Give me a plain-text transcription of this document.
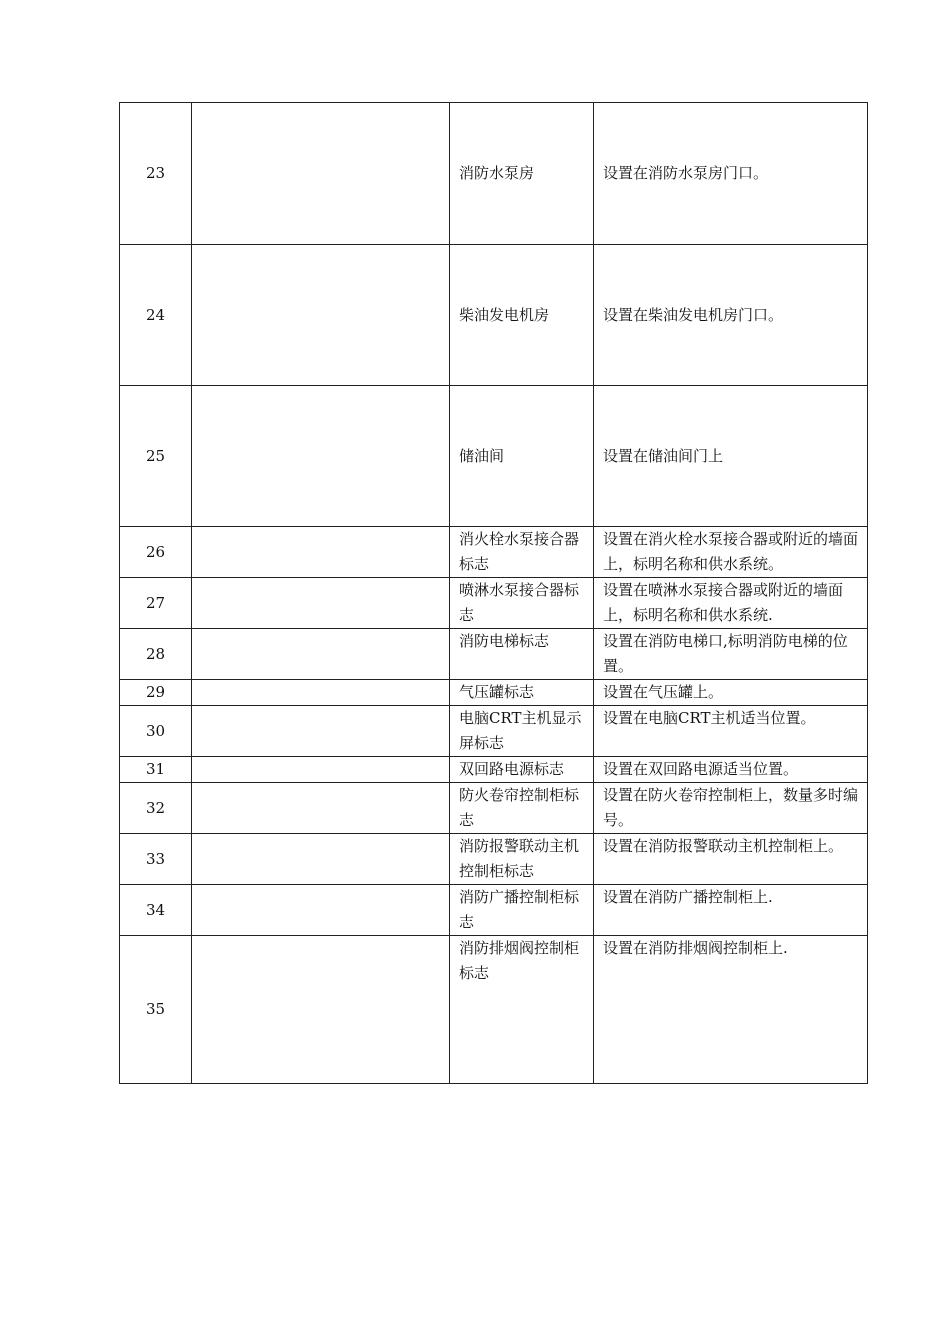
23		消防水泵房	设置在消防水泵房门口。
24		柴油发电机房	设置在柴油发电机房门口。
25		储油间	设置在储油间门上
26		消火栓水泵接合器标志	设置在消火栓水泵接合器或附近的墙面上，标明名称和供水系统。
27		喷淋水泵接合器标志	设置在喷淋水泵接合器或附近的墙面上，标明名称和供水系统.
28		消防电梯标志	设置在消防电梯口,标明消防电梯的位置。
29		气压罐标志	设置在气压罐上。
30		电脑CRT主机显示屏标志	设置在电脑CRT主机适当位置。
31		双回路电源标志	设置在双回路电源适当位置。
32		防火卷帘控制柜标志	设置在防火卷帘控制柜上，数量多时编号。
33		消防报警联动主机控制柜标志	设置在消防报警联动主机控制柜上。
34		消防广播控制柜标志	设置在消防广播控制柜上.
35		消防排烟阀控制柜标志	设置在消防排烟阀控制柜上.
